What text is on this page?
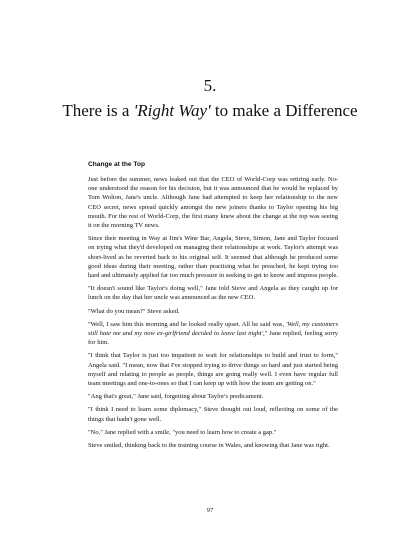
5.
There is a 'Right Way' to make a Difference
Change at the Top

Just before the summer, news leaked out that the CEO of World-Corp was retiring early. No-one understood the reason for his decision, but it was announced that he would be replaced by Tom Wolton, Jane's uncle. Although Jane had attempted to keep her relationship to the new CEO secret, news spread quickly amongst the new joiners thanks to Taylor opening his big mouth. For the rest of World-Corp, the first many knew about the change at the top was seeing it on the morning TV news.

Since their meeting in Way at Jim's Wine Bar, Angela, Steve, Simon, Jane and Taylor focused on trying what they'd developed on managing their relationships at work. Taylor's attempt was short-lived as he reverted back to his original self. It seemed that although he produced some good ideas during their meeting, rather than practising what he preached, he kept trying too hard and ultimately applied far too much pressure in seeking to get to know and impress people.

"It doesn't sound like Taylor's doing well," Jane told Steve and Angela as they caught up for lunch on the day that her uncle was announced as the new CEO.

"What do you mean?" Steve asked.

"Well, I saw him this morning and he looked really upset. All he said was, 'Well, my customers still hate me and my now ex-girlfriend decided to leave last night'," Jane replied, feeling sorry for him.

"I think that Taylor is just too impatient to wait for relationships to build and trust to form," Angela said. "I mean, now that I've stopped trying to drive things so hard and just started being myself and relating to people as people, things are going really well. I even have regular full team meetings and one-to-ones so that I can keep up with how the team are getting on."

"Ang that's great," Jane said, forgetting about Taylor's predicament.

"I think I need to learn some diplomacy," Steve thought out loud, reflecting on some of the things that hadn't gone well.

"No," Jane replied with a smile, "you need to learn how to create a gap."

Steve smiled, thinking back to the training course in Wales, and knowing that Jane was right.

97
